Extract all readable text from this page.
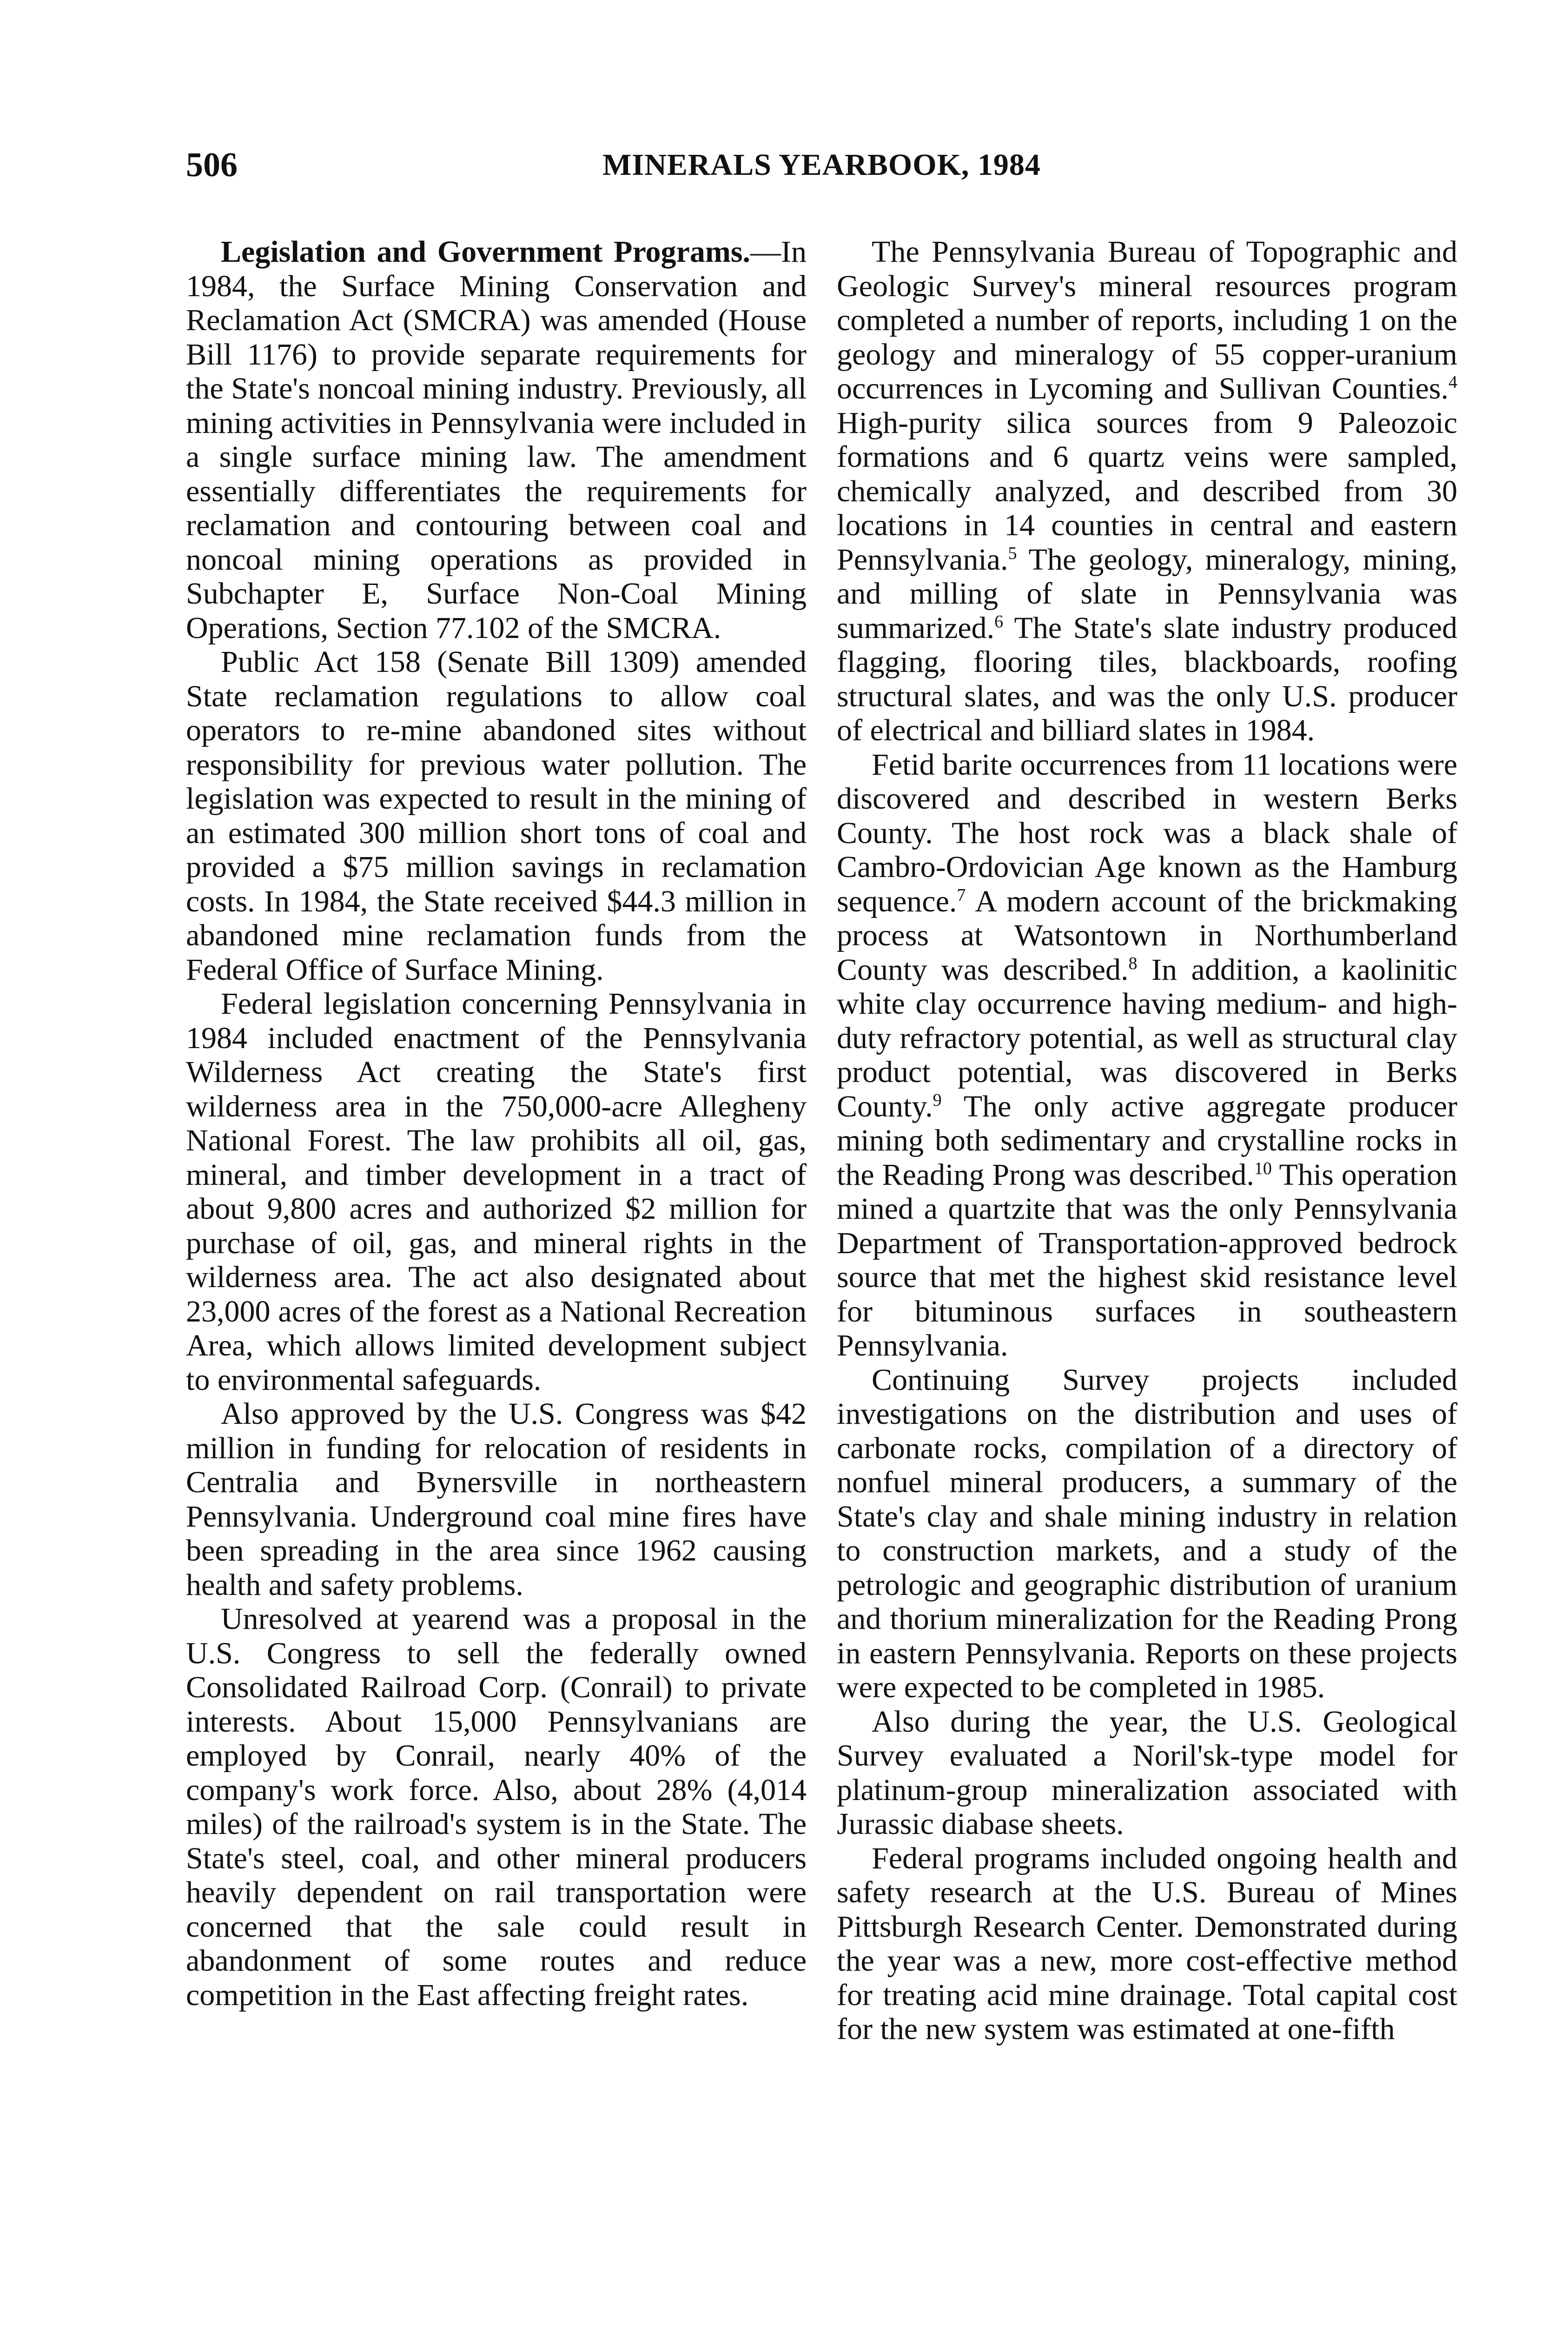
506	MINERALS YEARBOOK, 1984

Legislation and Government Programs.—In 1984, the Surface Mining Conservation and Reclamation Act (SMCRA) was amended (House Bill 1176) to provide separate requirements for the State's noncoal mining industry. Previously, all mining activities in Pennsylvania were included in a single surface mining law. The amendment essentially differentiates the requirements for reclamation and contouring between coal and noncoal mining operations as provided in Subchapter E, Surface Non-Coal Mining Operations, Section 77.102 of the SMCRA.

Public Act 158 (Senate Bill 1309) amended State reclamation regulations to allow coal operators to re-mine abandoned sites without responsibility for previous water pollution. The legislation was expected to result in the mining of an estimated 300 million short tons of coal and provided a $75 million savings in reclamation costs. In 1984, the State received $44.3 million in abandoned mine reclamation funds from the Federal Office of Surface Mining.

Federal legislation concerning Pennsylvania in 1984 included enactment of the Pennsylvania Wilderness Act creating the State's first wilderness area in the 750,000-acre Allegheny National Forest. The law prohibits all oil, gas, mineral, and timber development in a tract of about 9,800 acres and authorized $2 million for purchase of oil, gas, and mineral rights in the wilderness area. The act also designated about 23,000 acres of the forest as a National Recreation Area, which allows limited development subject to environmental safeguards.

Also approved by the U.S. Congress was $42 million in funding for relocation of residents in Centralia and Bynersville in northeastern Pennsylvania. Underground coal mine fires have been spreading in the area since 1962 causing health and safety problems.

Unresolved at yearend was a proposal in the U.S. Congress to sell the federally owned Consolidated Railroad Corp. (Conrail) to private interests. About 15,000 Pennsylvanians are employed by Conrail, nearly 40% of the company's work force. Also, about 28% (4,014 miles) of the railroad's system is in the State. The State's steel, coal, and other mineral producers heavily dependent on rail transportation were concerned that the sale could result in abandonment of some routes and reduce competition in the East affecting freight rates.

The Pennsylvania Bureau of Topographic and Geologic Survey's mineral resources program completed a number of reports, including 1 on the geology and mineralogy of 55 copper-uranium occurrences in Lycoming and Sullivan Counties.$^4$ High-purity silica sources from 9 Paleozoic formations and 6 quartz veins were sampled, chemically analyzed, and described from 30 locations in 14 counties in central and eastern Pennsylvania.$^5$ The geology, mineralogy, mining, and milling of slate in Pennsylvania was summarized.$^6$ The State's slate industry produced flagging, flooring tiles, blackboards, roofing structural slates, and was the only U.S. producer of electrical and billiard slates in 1984.

Fetid barite occurrences from 11 locations were discovered and described in western Berks County. The host rock was a black shale of Cambro-Ordovician Age known as the Hamburg sequence.$^7$ A modern account of the brickmaking process at Watsontown in Northumberland County was described.$^8$ In addition, a kaolinitic white clay occurrence having medium- and high-duty refractory potential, as well as structural clay product potential, was discovered in Berks County.$^9$ The only active aggregate producer mining both sedimentary and crystalline rocks in the Reading Prong was described.$^{10}$ This operation mined a quartzite that was the only Pennsylvania Department of Transportation-approved bedrock source that met the highest skid resistance level for bituminous surfaces in southeastern Pennsylvania.

Continuing Survey projects included investigations on the distribution and uses of carbonate rocks, compilation of a directory of nonfuel mineral producers, a summary of the State's clay and shale mining industry in relation to construction markets, and a study of the petrologic and geographic distribution of uranium and thorium mineralization for the Reading Prong in eastern Pennsylvania. Reports on these projects were expected to be completed in 1985.

Also during the year, the U.S. Geological Survey evaluated a Noril'sk-type model for platinum-group mineralization associated with Jurassic diabase sheets.

Federal programs included ongoing health and safety research at the U.S. Bureau of Mines Pittsburgh Research Center. Demonstrated during the year was a new, more cost-effective method for treating acid mine drainage. Total capital cost for the new system was estimated at one-fifth
